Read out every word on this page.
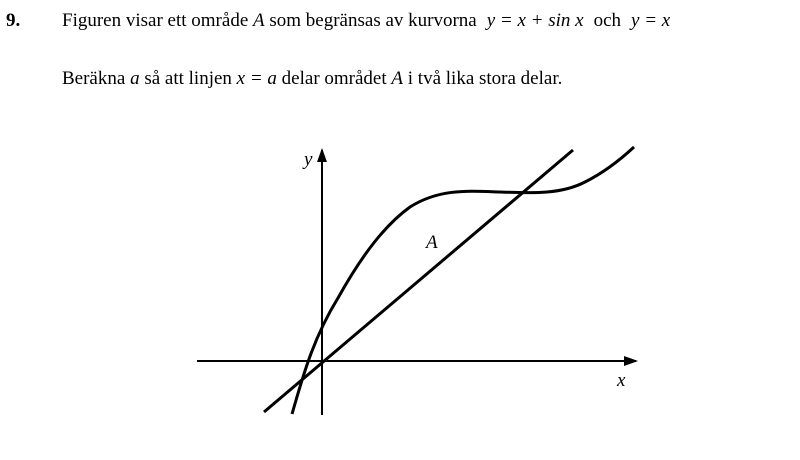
9. Figuren visar ett område A som begränsas av kurvorna y = x + sin x och y = x
Beräkna a så att linjen x = a delar området A i två lika stora delar.
y
x
A
